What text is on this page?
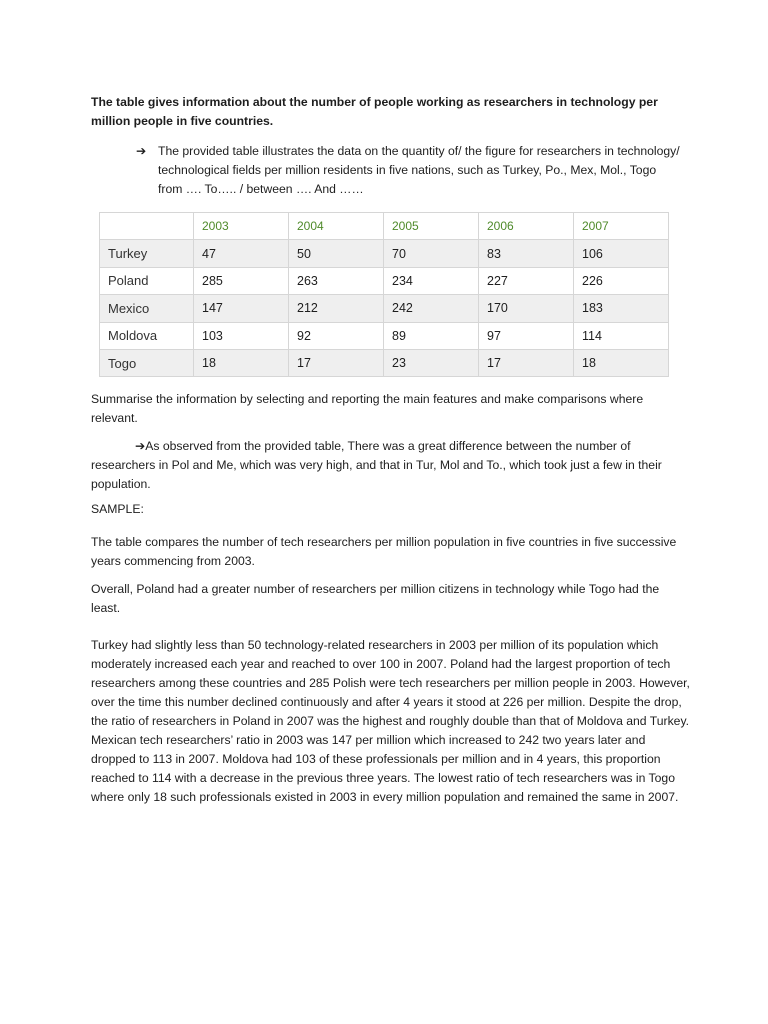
The table gives information about the number of people working as researchers in technology per million people in five countries.
➔ The provided table illustrates the data on the quantity of/ the figure for researchers in technology/ technological fields per million residents in five nations, such as Turkey, Po., Mex, Mol., Togo from …. To….. / between …. And ……
	2003	2004	2005	2006	2007
Turkey	47	50	70	83	106
Poland	285	263	234	227	226
Mexico	147	212	242	170	183
Moldova	103	92	89	97	114
Togo	18	17	23	17	18
Summarise the information by selecting and reporting the main features and make comparisons where relevant.
➔As observed from the provided table, There was a great difference between the number of researchers in Pol and Me, which was very high, and that in Tur, Mol and To., which took just a few in their population.
SAMPLE:
The table compares the number of tech researchers per million population in five countries in five successive years commencing from 2003.
Overall, Poland had a greater number of researchers per million citizens in technology while Togo had the least.
Turkey had slightly less than 50 technology-related researchers in 2003 per million of its population which moderately increased each year and reached to over 100 in 2007. Poland had the largest proportion of tech researchers among these countries and 285 Polish were tech researchers per million people in 2003. However, over the time this number declined continuously and after 4 years it stood at 226 per million. Despite the drop, the ratio of researchers in Poland in 2007 was the highest and roughly double than that of Moldova and Turkey. Mexican tech researchers’ ratio in 2003 was 147 per million which increased to 242 two years later and dropped to 113 in 2007. Moldova had 103 of these professionals per million and in 4 years, this proportion reached to 114 with a decrease in the previous three years. The lowest ratio of tech researchers was in Togo where only 18 such professionals existed in 2003 in every million population and remained the same in 2007.
